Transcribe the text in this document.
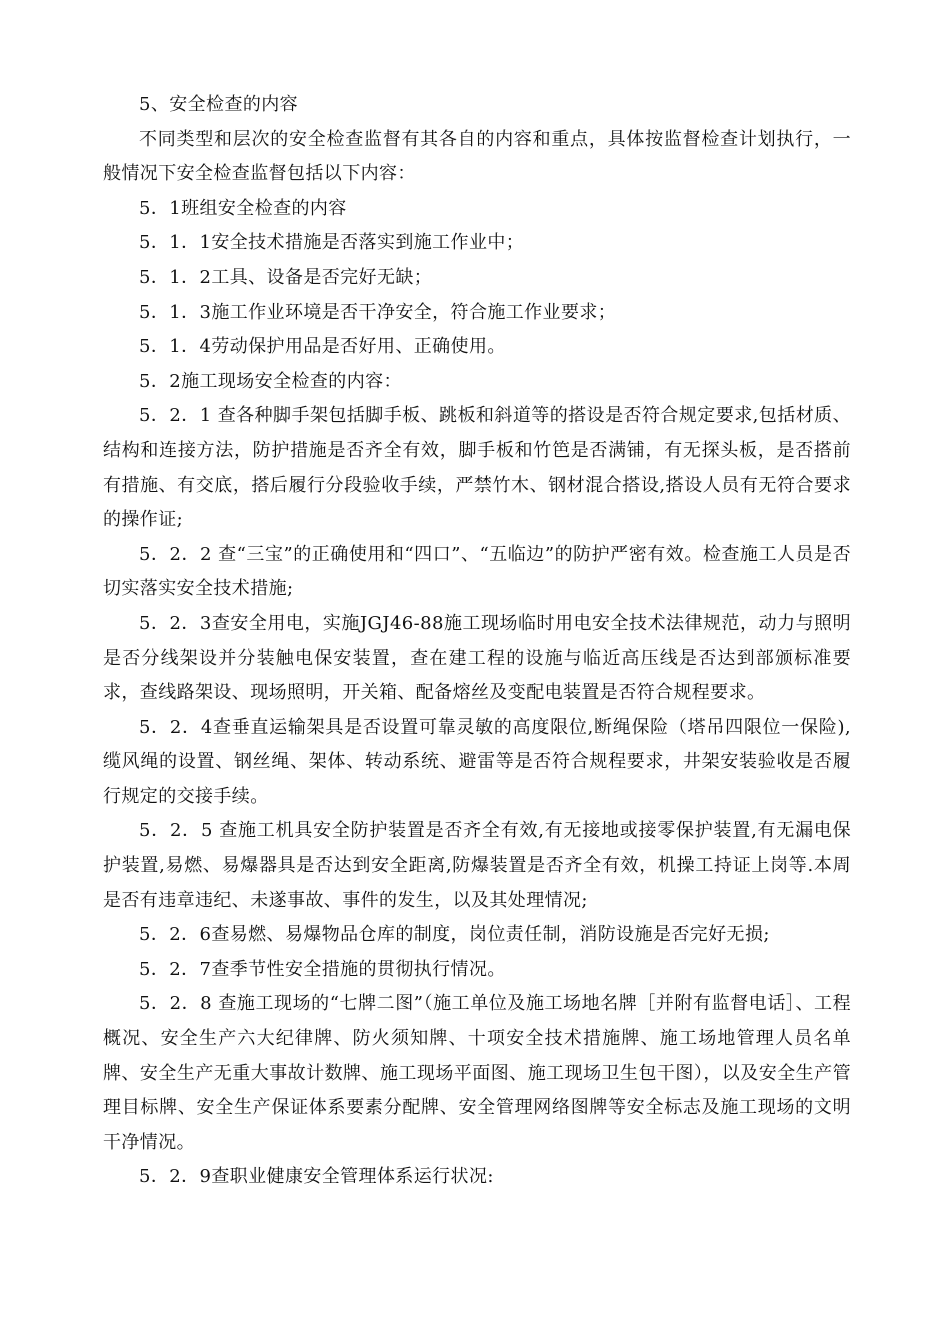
5、安全检查的内容

不同类型和层次的安全检查监督有其各自的内容和重点，具体按监督检查计划执行，一般情况下安全检查监督包括以下内容：

5．1班组安全检查的内容

5．1．1安全技术措施是否落实到施工作业中；

5．1．2工具、设备是否完好无缺；

5．1．3施工作业环境是否干净安全，符合施工作业要求；

5．1．4劳动保护用品是否好用、正确使用。

5．2施工现场安全检查的内容：

5．2．1 查各种脚手架包括脚手板、跳板和斜道等的搭设是否符合规定要求,包括材质、结构和连接方法，防护措施是否齐全有效，脚手板和竹笆是否满铺，有无探头板，是否搭前有措施、有交底，搭后履行分段验收手续，严禁竹木、钢材混合搭设,搭设人员有无符合要求的操作证;

5．2．2 查“三宝”的正确使用和“四口”、“五临边”的防护严密有效。检查施工人员是否切实落实安全技术措施;

5．2．3查安全用电，实施JGJ46-88施工现场临时用电安全技术法律规范，动力与照明是否分线架设并分装触电保安装置，查在建工程的设施与临近高压线是否达到部颁标准要求，查线路架设、现场照明，开关箱、配备熔丝及变配电装置是否符合规程要求。

5．2．4查垂直运输架具是否设置可靠灵敏的高度限位,断绳保险（塔吊四限位一保险),缆风绳的设置、钢丝绳、架体、转动系统、避雷等是否符合规程要求，井架安装验收是否履行规定的交接手续。

5．2．5 查施工机具安全防护装置是否齐全有效,有无接地或接零保护装置,有无漏电保护装置,易燃、易爆器具是否达到安全距离,防爆装置是否齐全有效，机操工持证上岗等.本周是否有违章违纪、未遂事故、事件的发生，以及其处理情况;

5．2．6查易燃、易爆物品仓库的制度，岗位责任制，消防设施是否完好无损;

5．2．7查季节性安全措施的贯彻执行情况。

5．2．8 查施工现场的“七牌二图”（施工单位及施工场地名牌［并附有监督电话］、工程概况、安全生产六大纪律牌、防火须知牌、十项安全技术措施牌、施工场地管理人员名单牌、安全生产无重大事故计数牌、施工现场平面图、施工现场卫生包干图），以及安全生产管理目标牌、安全生产保证体系要素分配牌、安全管理网络图牌等安全标志及施工现场的文明干净情况。

5．2．9查职业健康安全管理体系运行状况:
